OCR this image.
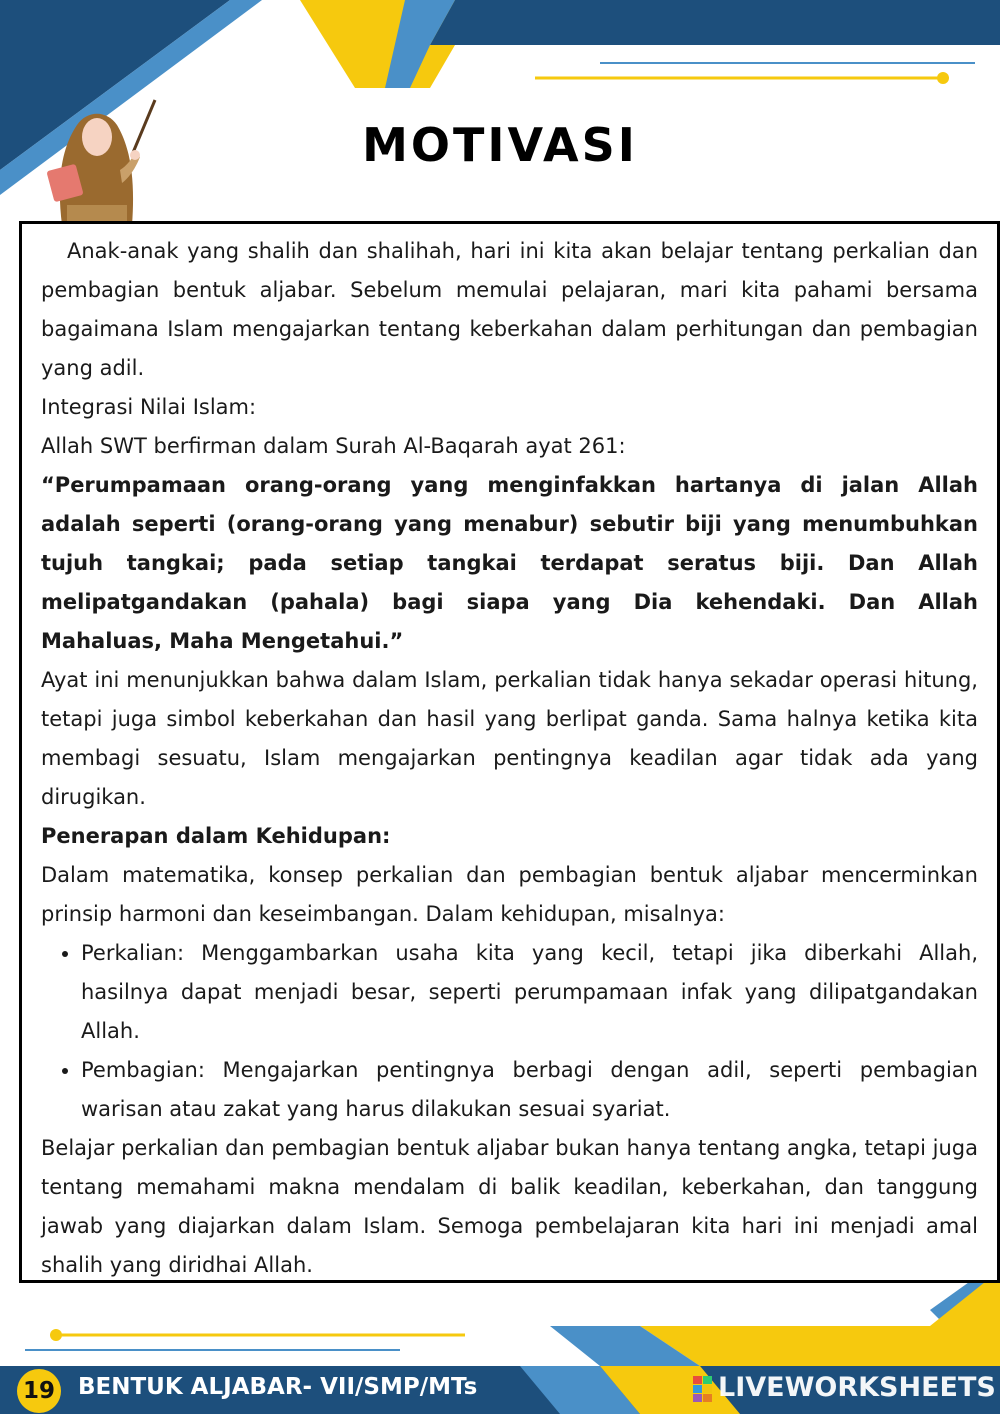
MOTIVASI

Anak-anak yang shalih dan shalihah, hari ini kita akan belajar tentang perkalian dan pembagian bentuk aljabar. Sebelum memulai pelajaran, mari kita pahami bersama bagaimana Islam mengajarkan tentang keberkahan dalam perhitungan dan pembagian yang adil.

Integrasi Nilai Islam:

Allah SWT berfirman dalam Surah Al-Baqarah ayat 261:

“Perumpamaan orang-orang yang menginfakkan hartanya di jalan Allah adalah seperti (orang-orang yang menabur) sebutir biji yang menumbuhkan tujuh tangkai; pada setiap tangkai terdapat seratus biji. Dan Allah melipatgandakan (pahala) bagi siapa yang Dia kehendaki. Dan Allah Mahaluas, Maha Mengetahui.”

Ayat ini menunjukkan bahwa dalam Islam, perkalian tidak hanya sekadar operasi hitung, tetapi juga simbol keberkahan dan hasil yang berlipat ganda. Sama halnya ketika kita membagi sesuatu, Islam mengajarkan pentingnya keadilan agar tidak ada yang dirugikan.

Penerapan dalam Kehidupan:

Dalam matematika, konsep perkalian dan pembagian bentuk aljabar mencerminkan prinsip harmoni dan keseimbangan. Dalam kehidupan, misalnya:

• Perkalian: Menggambarkan usaha kita yang kecil, tetapi jika diberkahi Allah, hasilnya dapat menjadi besar, seperti perumpamaan infak yang dilipatgandakan Allah.
• Pembagian: Mengajarkan pentingnya berbagi dengan adil, seperti pembagian warisan atau zakat yang harus dilakukan sesuai syariat.

Belajar perkalian dan pembagian bentuk aljabar bukan hanya tentang angka, tetapi juga tentang memahami makna mendalam di balik keadilan, keberkahan, dan tanggung jawab yang diajarkan dalam Islam. Semoga pembelajaran kita hari ini menjadi amal shalih yang diridhai Allah.

19 BENTUK ALJABAR- VII/SMP/MTs	LIVEWORKSHEETS
